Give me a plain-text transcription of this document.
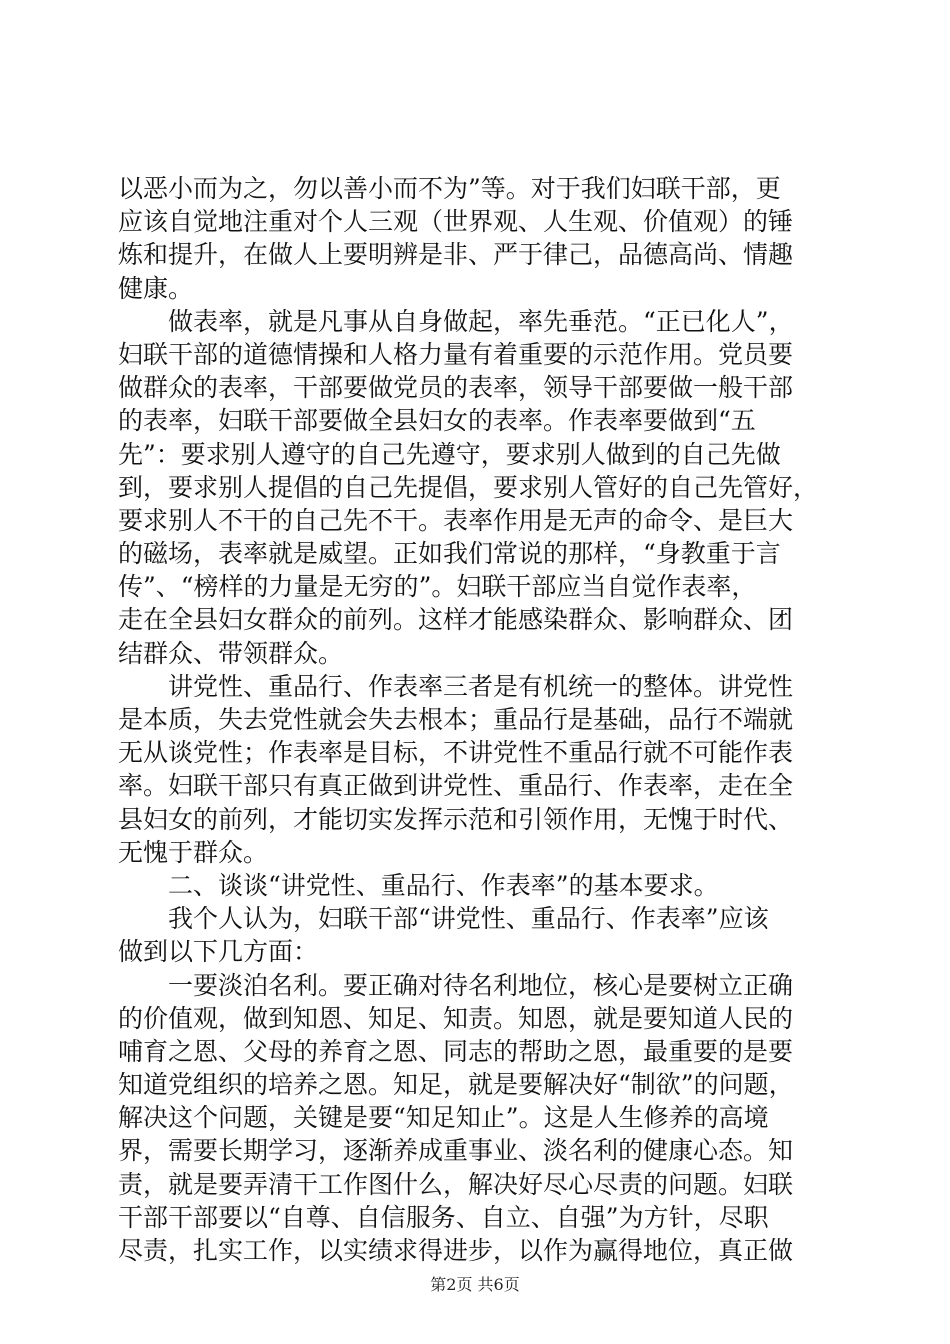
以恶小而为之，勿以善小而不为”等。对于我们妇联干部，更
应该自觉地注重对个人三观（世界观、人生观、价值观）的锤
炼和提升，在做人上要明辨是非、严于律己，品德高尚、情趣
健康。
　　做表率，就是凡事从自身做起，率先垂范。“正已化人”，
妇联干部的道德情操和人格力量有着重要的示范作用。党员要
做群众的表率，干部要做党员的表率，领导干部要做一般干部
的表率，妇联干部要做全县妇女的表率。作表率要做到“五
先”：要求别人遵守的自己先遵守，要求别人做到的自己先做
到，要求别人提倡的自己先提倡，要求别人管好的自己先管好，
要求别人不干的自己先不干。表率作用是无声的命令、是巨大
的磁场，表率就是威望。正如我们常说的那样，“身教重于言
传”、“榜样的力量是无穷的”。妇联干部应当自觉作表率，
走在全县妇女群众的前列。这样才能感染群众、影响群众、团
结群众、带领群众。
　　讲党性、重品行、作表率三者是有机统一的整体。讲党性
是本质，失去党性就会失去根本；重品行是基础，品行不端就
无从谈党性；作表率是目标，不讲党性不重品行就不可能作表
率。妇联干部只有真正做到讲党性、重品行、作表率，走在全
县妇女的前列，才能切实发挥示范和引领作用，无愧于时代、
无愧于群众。
　　二、谈谈“讲党性、重品行、作表率”的基本要求。
　　我个人认为，妇联干部“讲党性、重品行、作表率”应该
做到以下几方面：
　　一要淡泊名利。要正确对待名利地位，核心是要树立正确
的价值观，做到知恩、知足、知责。知恩，就是要知道人民的
哺育之恩、父母的养育之恩、同志的帮助之恩，最重要的是要
知道党组织的培养之恩。知足，就是要解决好“制欲”的问题，
解决这个问题，关键是要“知足知止”。这是人生修养的高境
界，需要长期学习，逐渐养成重事业、淡名利的健康心态。知
责，就是要弄清干工作图什么，解决好尽心尽责的问题。妇联
干部干部要以“自尊、自信服务、自立、自强”为方针，尽职
尽责，扎实工作，以实绩求得进步，以作为赢得地位，真正做
第2页 共6页
